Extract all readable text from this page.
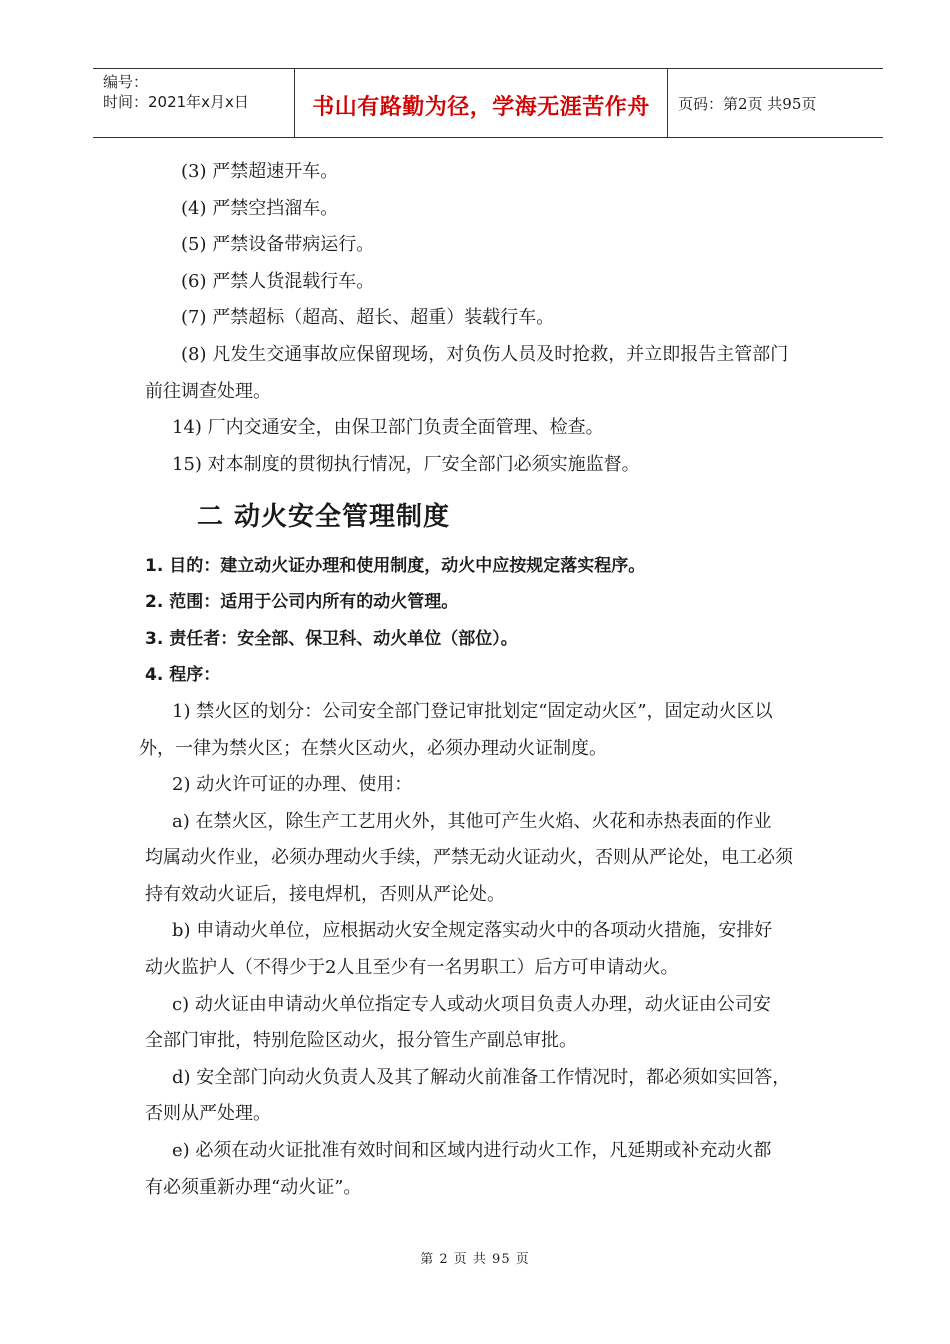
编号：
时间：2021年x月x日	书山有路勤为径，学海无涯苦作舟	页码：第2页 共95页
(3) 严禁超速开车。
(4) 严禁空挡溜车。
(5) 严禁设备带病运行。
(6) 严禁人货混载行车。
(7) 严禁超标（超高、超长、超重）装载行车。
(8) 凡发生交通事故应保留现场，对负伤人员及时抢救，并立即报告主管部门
前往调查处理。
14) 厂内交通安全，由保卫部门负责全面管理、检查。
15) 对本制度的贯彻执行情况，厂安全部门必须实施监督。
二 动火安全管理制度
1. 目的：建立动火证办理和使用制度，动火中应按规定落实程序。
2. 范围：适用于公司内所有的动火管理。
3. 责任者：安全部、保卫科、动火单位（部位）。
4. 程序：
1) 禁火区的划分：公司安全部门登记审批划定“固定动火区”，固定动火区以
外，一律为禁火区；在禁火区动火，必须办理动火证制度。
2) 动火许可证的办理、使用：
a) 在禁火区，除生产工艺用火外，其他可产生火焰、火花和赤热表面的作业
均属动火作业，必须办理动火手续，严禁无动火证动火，否则从严论处，电工必须
持有效动火证后，接电焊机，否则从严论处。
b) 申请动火单位，应根据动火安全规定落实动火中的各项动火措施，安排好
动火监护人（不得少于2人且至少有一名男职工）后方可申请动火。
c) 动火证由申请动火单位指定专人或动火项目负责人办理，动火证由公司安
全部门审批，特别危险区动火，报分管生产副总审批。
d) 安全部门向动火负责人及其了解动火前准备工作情况时，都必须如实回答，
否则从严处理。
e) 必须在动火证批准有效时间和区域内进行动火工作，凡延期或补充动火都
有必须重新办理“动火证”。
第 2 页 共 95 页
